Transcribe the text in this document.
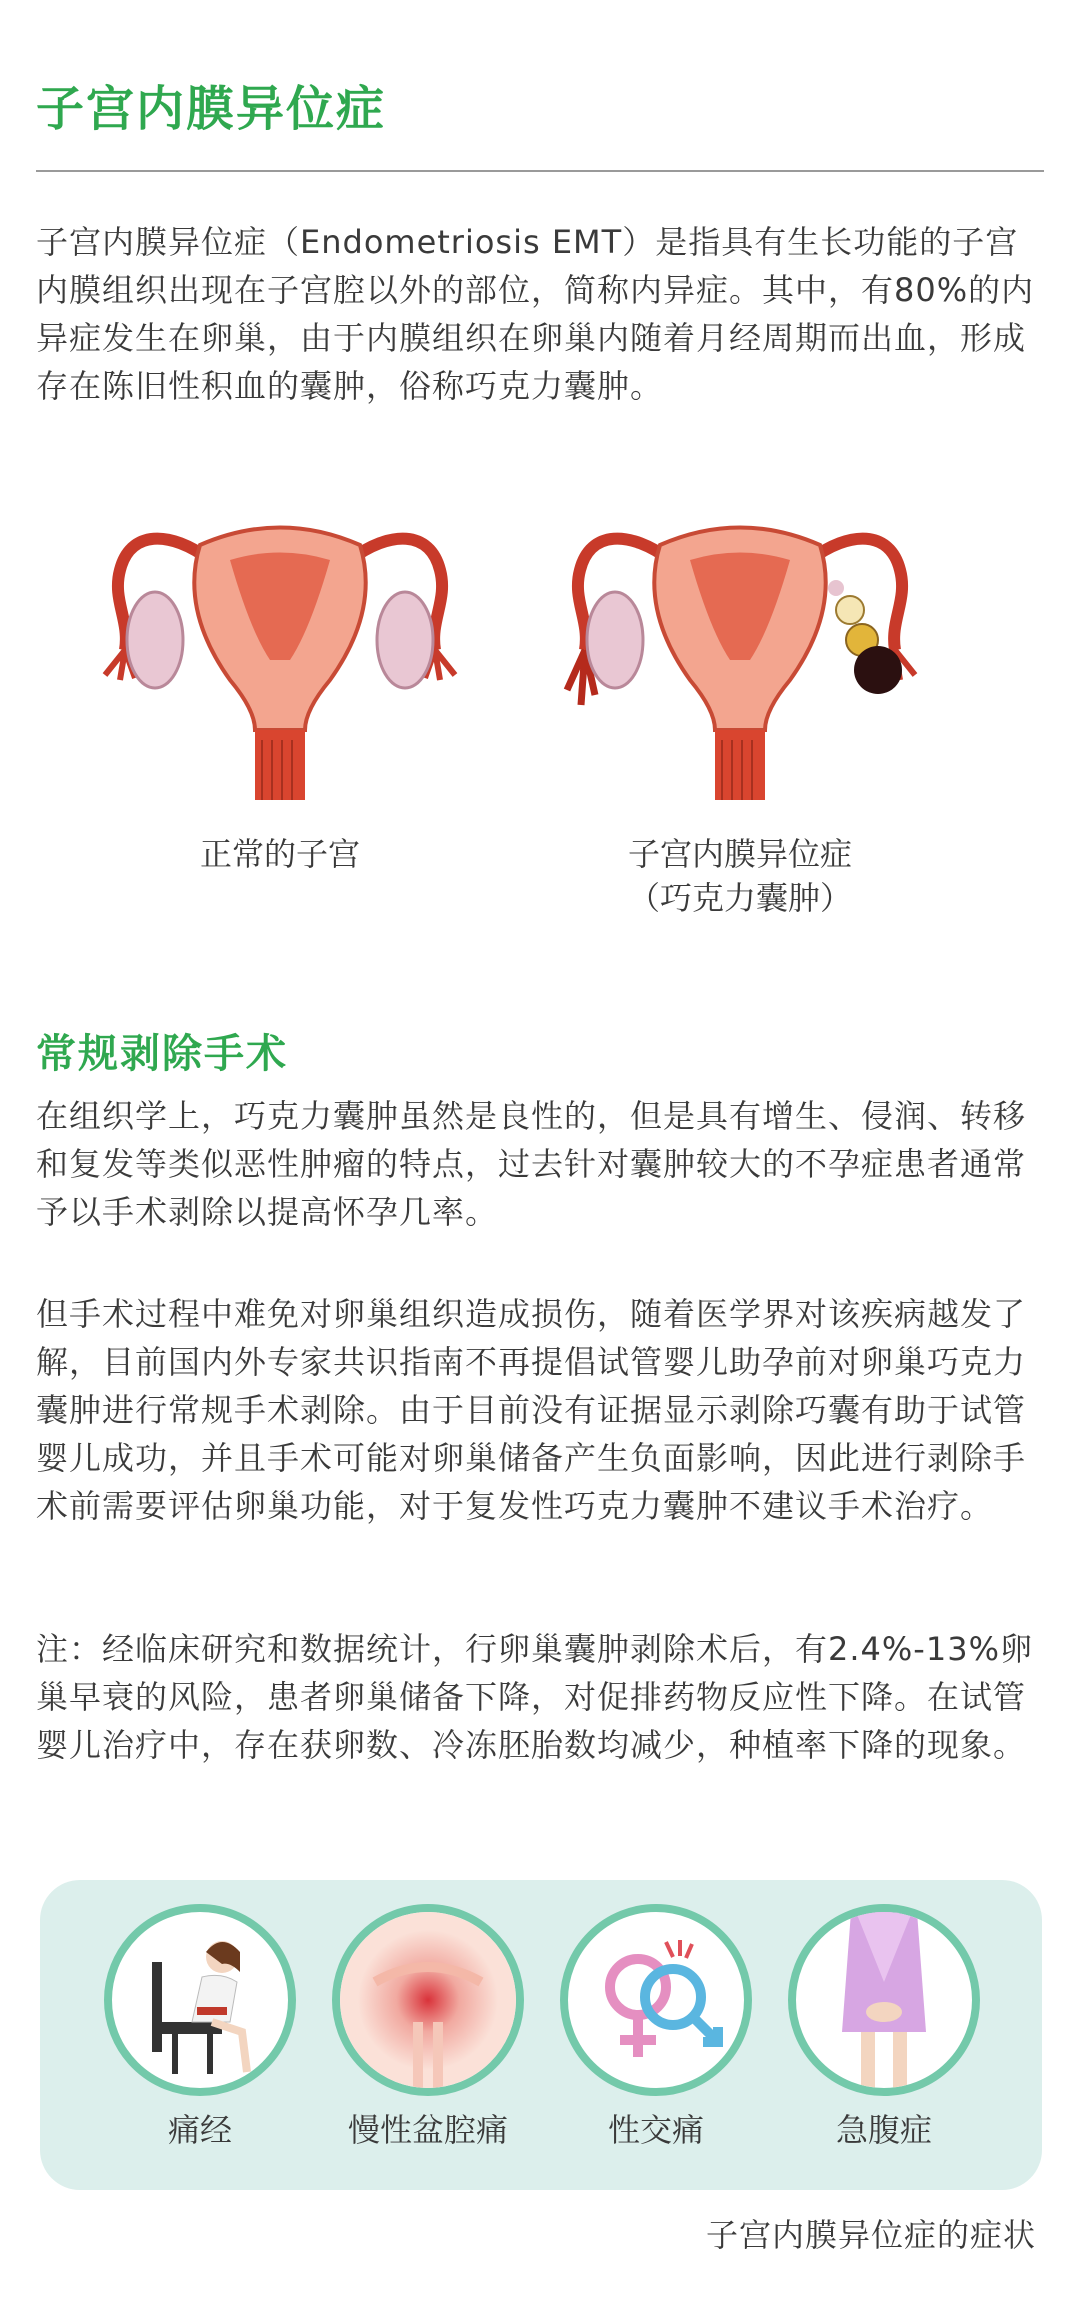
子宫内膜异位症

子宫内膜异位症（Endometriosis EMT）是指具有生长功能的子宫内膜组织出现在子宫腔以外的部位，简称内异症。其中，有80%的内异症发生在卵巢，由于内膜组织在卵巢内随着月经周期而出血，形成存在陈旧性积血的囊肿，俗称巧克力囊肿。

正常的子宫	子宫内膜异位症
（巧克力囊肿）
常规剥除手术

在组织学上，巧克力囊肿虽然是良性的，但是具有增生、侵润、转移和复发等类似恶性肿瘤的特点，过去针对囊肿较大的不孕症患者通常予以手术剥除以提高怀孕几率。

但手术过程中难免对卵巢组织造成损伤，随着医学界对该疾病越发了解，目前国内外专家共识指南不再提倡试管婴儿助孕前对卵巢巧克力囊肿进行常规手术剥除。由于目前没有证据显示剥除巧囊有助于试管婴儿成功，并且手术可能对卵巢储备产生负面影响，因此进行剥除手术前需要评估卵巢功能，对于复发性巧克力囊肿不建议手术治疗。

注：经临床研究和数据统计，行卵巢囊肿剥除术后，有2.4%-13%卵巢早衰的风险，患者卵巢储备下降，对促排药物反应性下降。在试管婴儿治疗中，存在获卵数、冷冻胚胎数均减少，种植率下降的现象。

痛经	慢性盆腔痛	性交痛	急腹症
子宫内膜异位症的症状
